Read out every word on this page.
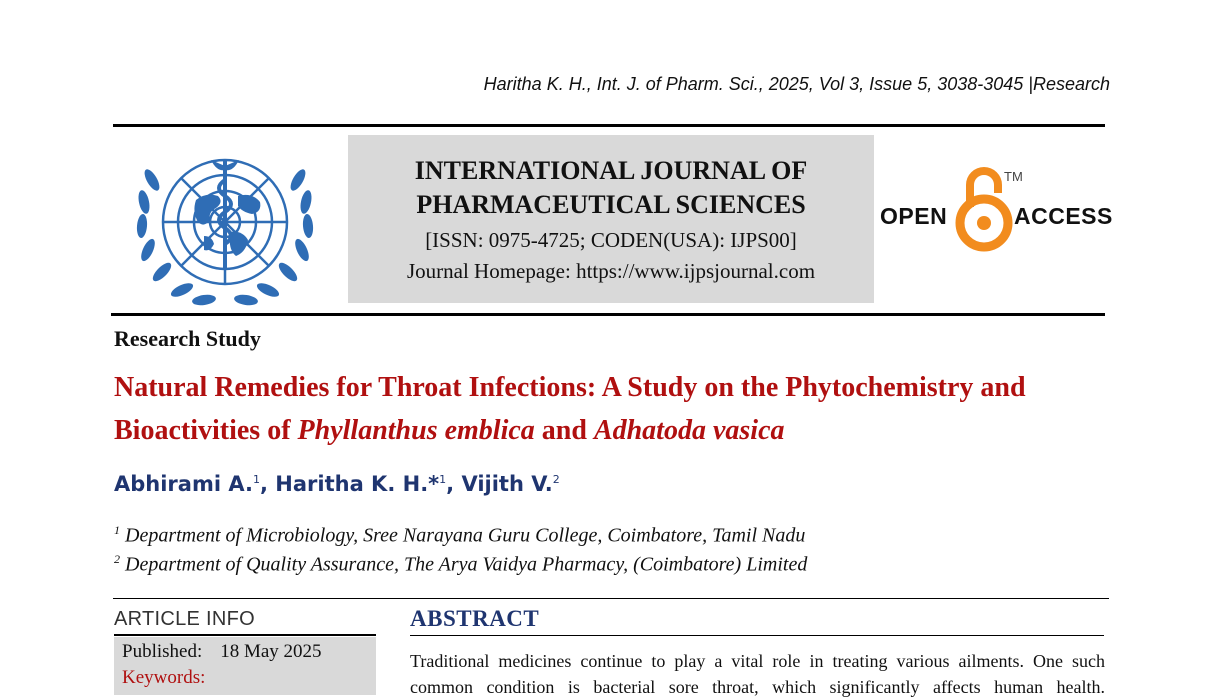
Haritha K. H., Int. J. of Pharm. Sci., 2025, Vol 3, Issue 5, 3038-3045 |Research
INTERNATIONAL JOURNAL OF
PHARMACEUTICAL SCIENCES
[ISSN: 0975-4725; CODEN(USA): IJPS00]
Journal Homepage: https://www.ijpsjournal.com
OPEN
TM
ACCESS
Research Study
Natural Remedies for Throat Infections: A Study on the Phytochemistry and Bioactivities of Phyllanthus emblica and Adhatoda vasica
Abhirami A.$^1$, Haritha K. H.*$^1$, Vijith V.$^2$
$^1$ Department of Microbiology, Sree Narayana Guru College, Coimbatore, Tamil Nadu
$^2$ Department of Quality Assurance, The Arya Vaidya Pharmacy, (Coimbatore) Limited
ARTICLE INFO
Published: 18 May 2025
Keywords:
ABSTRACT
Traditional medicines continue to play a vital role in treating various ailments. One such
common condition is bacterial sore throat, which significantly affects human health.
